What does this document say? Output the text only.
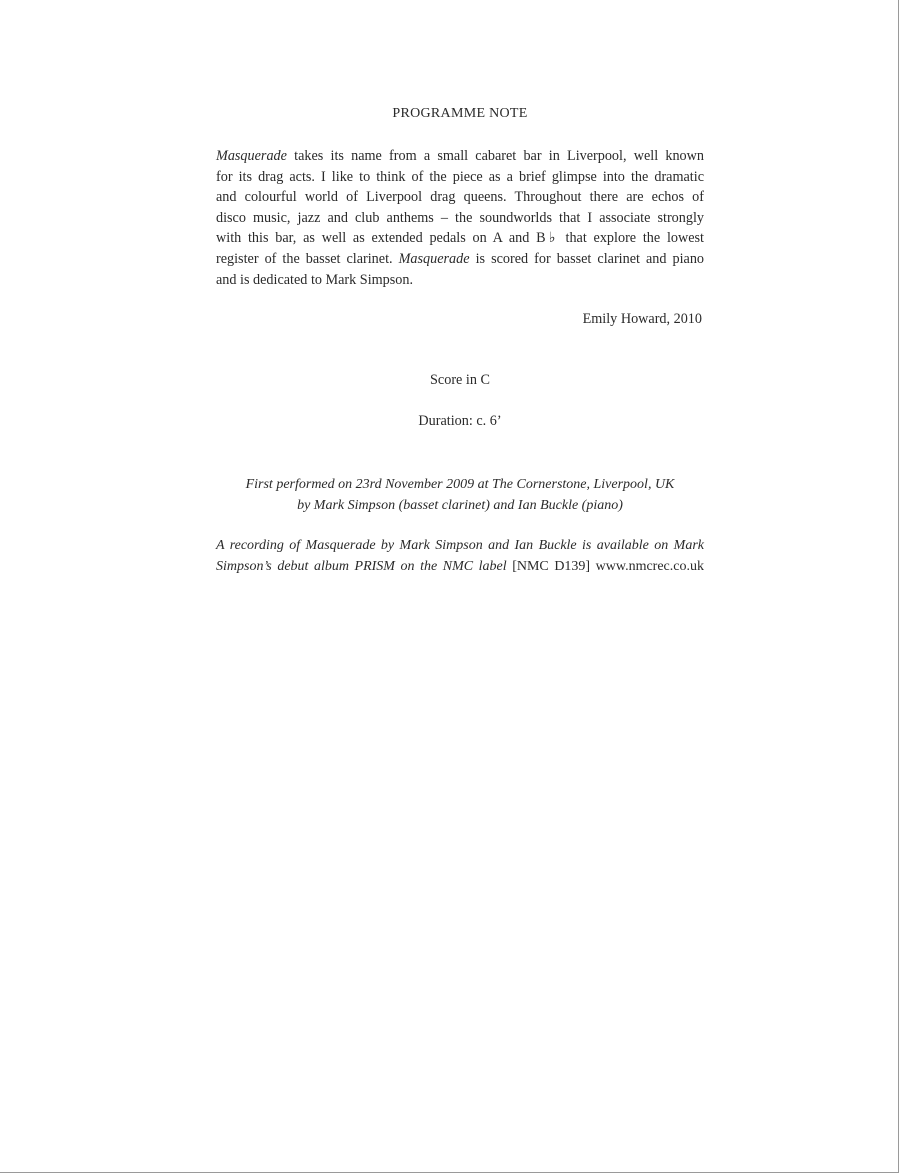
PROGRAMME NOTE
Masquerade takes its name from a small cabaret bar in Liverpool, well known
for its drag acts. I like to think of the piece as a brief glimpse into the dramatic
and colourful world of Liverpool drag queens. Throughout there are echos of
disco music, jazz and club anthems – the soundworlds that I associate strongly
with this bar, as well as extended pedals on A and B♭ that explore the lowest
register of the basset clarinet. Masquerade is scored for basset clarinet and piano
and is dedicated to Mark Simpson.
Emily Howard, 2010
Score in C
Duration: c. 6’
First performed on 23rd November 2009 at The Cornerstone, Liverpool, UK
by Mark Simpson (basset clarinet) and Ian Buckle (piano)
A recording of Masquerade by Mark Simpson and Ian Buckle is available on Mark
Simpson’s debut album PRISM on the NMC label [NMC D139] www.nmcrec.co.uk
